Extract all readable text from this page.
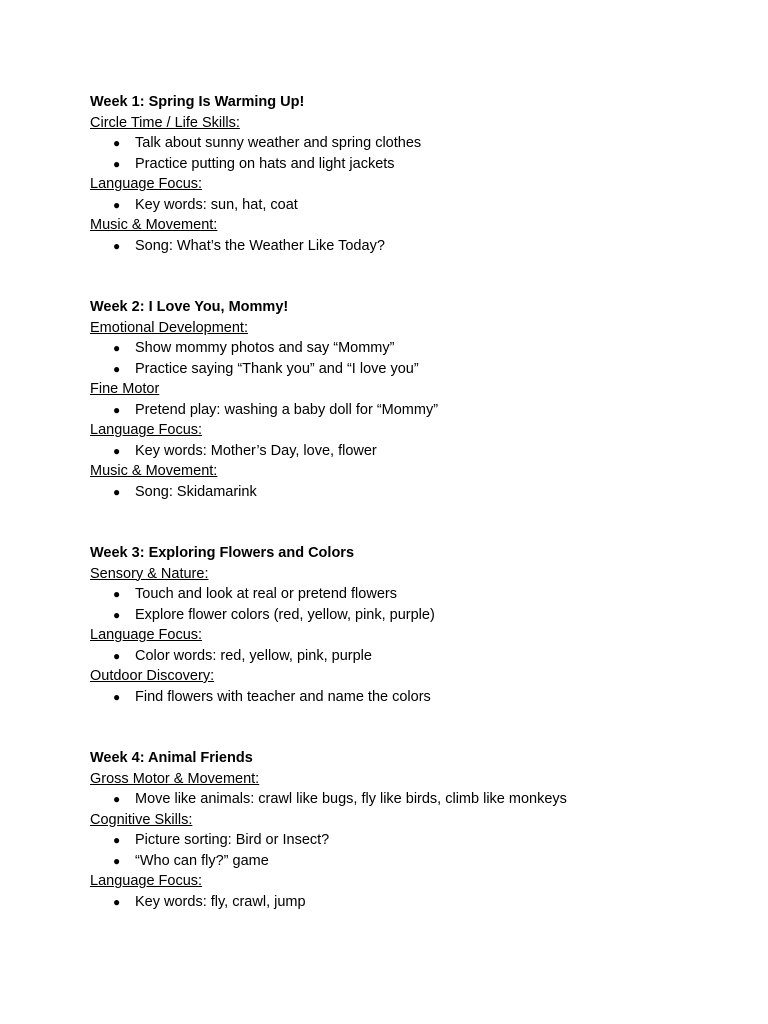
Week 1: Spring Is Warming Up!
Circle Time / Life Skills:
● Talk about sunny weather and spring clothes
● Practice putting on hats and light jackets
Language Focus:
● Key words: sun, hat, coat
Music & Movement:
● Song: What’s the Weather Like Today?
Week 2: I Love You, Mommy!
Emotional Development:
● Show mommy photos and say “Mommy”
● Practice saying “Thank you” and “I love you”
Fine Motor
● Pretend play: washing a baby doll for “Mommy”
Language Focus:
● Key words: Mother’s Day, love, flower
Music & Movement:
● Song: Skidamarink
Week 3: Exploring Flowers and Colors
Sensory & Nature:
● Touch and look at real or pretend flowers
● Explore flower colors (red, yellow, pink, purple)
Language Focus:
● Color words: red, yellow, pink, purple
Outdoor Discovery:
● Find flowers with teacher and name the colors
Week 4: Animal Friends
Gross Motor & Movement:
● Move like animals: crawl like bugs, fly like birds, climb like monkeys
Cognitive Skills:
● Picture sorting: Bird or Insect?
● “Who can fly?” game
Language Focus:
● Key words: fly, crawl, jump
